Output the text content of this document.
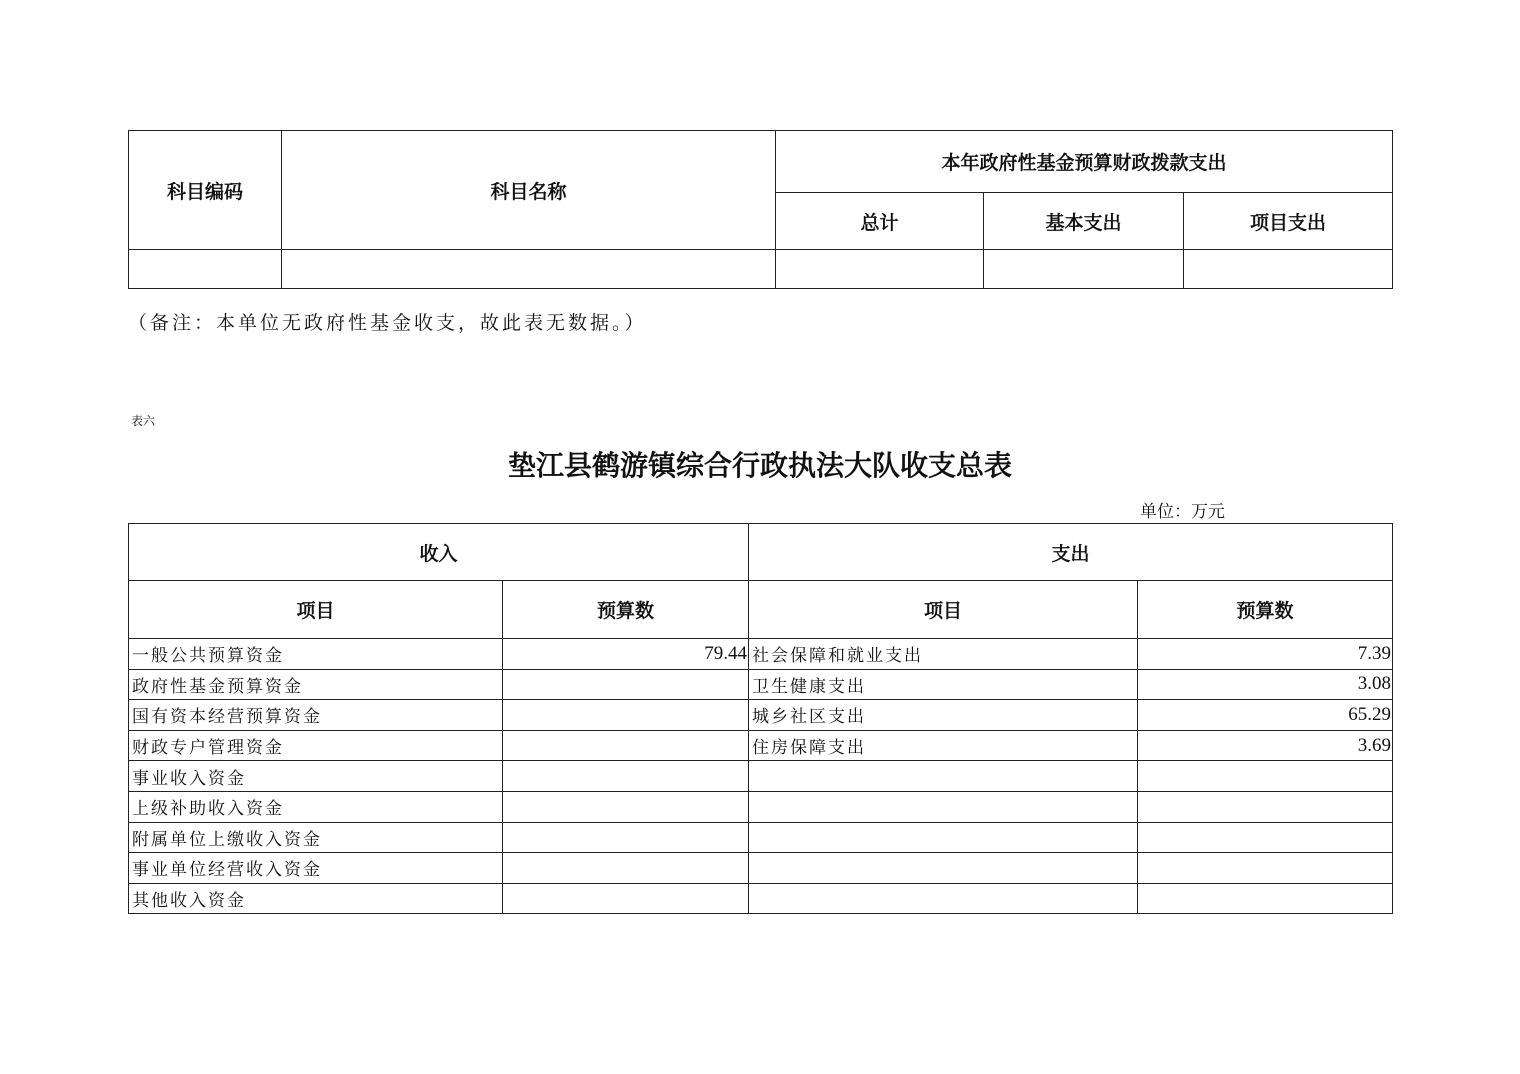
科目编码	科目名称	本年政府性基金预算财政拨款支出		
		总计	基本支出	项目支出

（备注：本单位无政府性基金收支，故此表无数据。）
表六
垫江县鹤游镇综合行政执法大队收支总表
单位：万元
收入		支出	
项目	预算数	项目	预算数
一般公共预算资金	79.44	社会保障和就业支出	7.39
政府性基金预算资金		卫生健康支出	3.08
国有资本经营预算资金		城乡社区支出	65.29
财政专户管理资金		住房保障支出	3.69
事业收入资金			
上级补助收入资金			
附属单位上缴收入资金			
事业单位经营收入资金			
其他收入资金			
